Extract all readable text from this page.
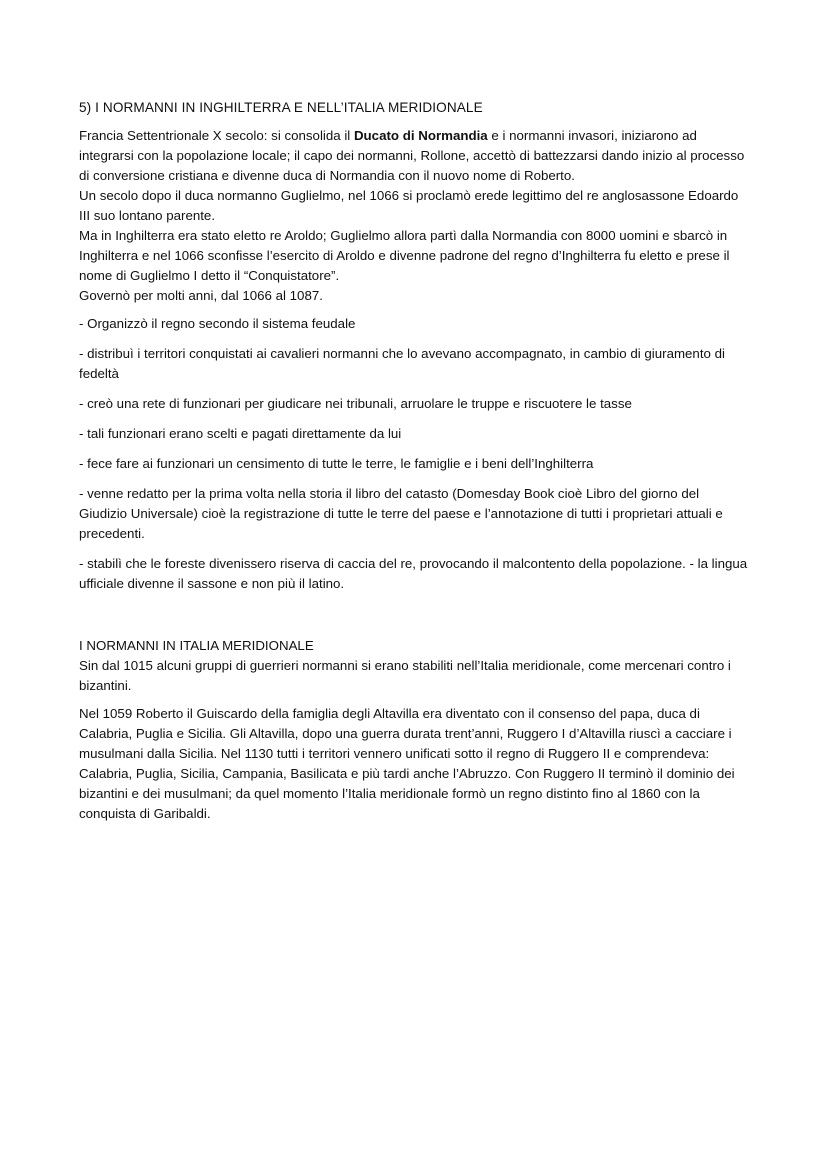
5) I NORMANNI IN INGHILTERRA E NELL’ITALIA MERIDIONALE

Francia Settentrionale X secolo: si consolida il Ducato di Normandia e i normanni invasori, iniziarono ad integrarsi con la popolazione locale; il capo dei normanni, Rollone, accettò di battezzarsi dando inizio al processo di conversione cristiana e divenne duca di Normandia con il nuovo nome di Roberto.
Un secolo dopo il duca normanno Guglielmo, nel 1066 si proclamò erede legittimo del re anglosassone Edoardo III suo lontano parente.
Ma in Inghilterra era stato eletto re Aroldo; Guglielmo allora partì dalla Normandia con 8000 uomini e sbarcò in Inghilterra e nel 1066 sconfisse l’esercito di Aroldo e divenne padrone del regno d’Inghilterra fu eletto e prese il nome di Guglielmo I detto il “Conquistatore”.
Governò per molti anni, dal 1066 al 1087.

- Organizzò il regno secondo il sistema feudale

- distribuì i territori conquistati ai cavalieri normanni che lo avevano accompagnato, in cambio di giuramento di fedeltà

- creò una rete di funzionari per giudicare nei tribunali, arruolare le truppe e riscuotere le tasse

- tali funzionari erano scelti e pagati direttamente da lui

- fece fare ai funzionari un censimento di tutte le terre, le famiglie e i beni dell’Inghilterra

- venne redatto per la prima volta nella storia il libro del catasto (Domesday Book cioè Libro del giorno del Giudizio Universale) cioè la registrazione di tutte le terre del paese e l’annotazione di tutti i proprietari attuali e precedenti.

- stabilì che le foreste divenissero riserva di caccia del re, provocando il malcontento della popolazione. - la lingua ufficiale divenne il sassone e non più il latino.

I NORMANNI IN ITALIA MERIDIONALE
Sin dal 1015 alcuni gruppi di guerrieri normanni si erano stabiliti nell’Italia meridionale, come mercenari contro i bizantini.

Nel 1059 Roberto il Guiscardo della famiglia degli Altavilla era diventato con il consenso del papa, duca di Calabria, Puglia e Sicilia. Gli Altavilla, dopo una guerra durata trent’anni, Ruggero I d’Altavilla riuscì a cacciare i musulmani dalla Sicilia. Nel 1130 tutti i territori vennero unificati sotto il regno di Ruggero II e comprendeva: Calabria, Puglia, Sicilia, Campania, Basilicata e più tardi anche l’Abruzzo. Con Ruggero II terminò il dominio dei bizantini e dei musulmani; da quel momento l’Italia meridionale formò un regno distinto fino al 1860 con la conquista di Garibaldi.
